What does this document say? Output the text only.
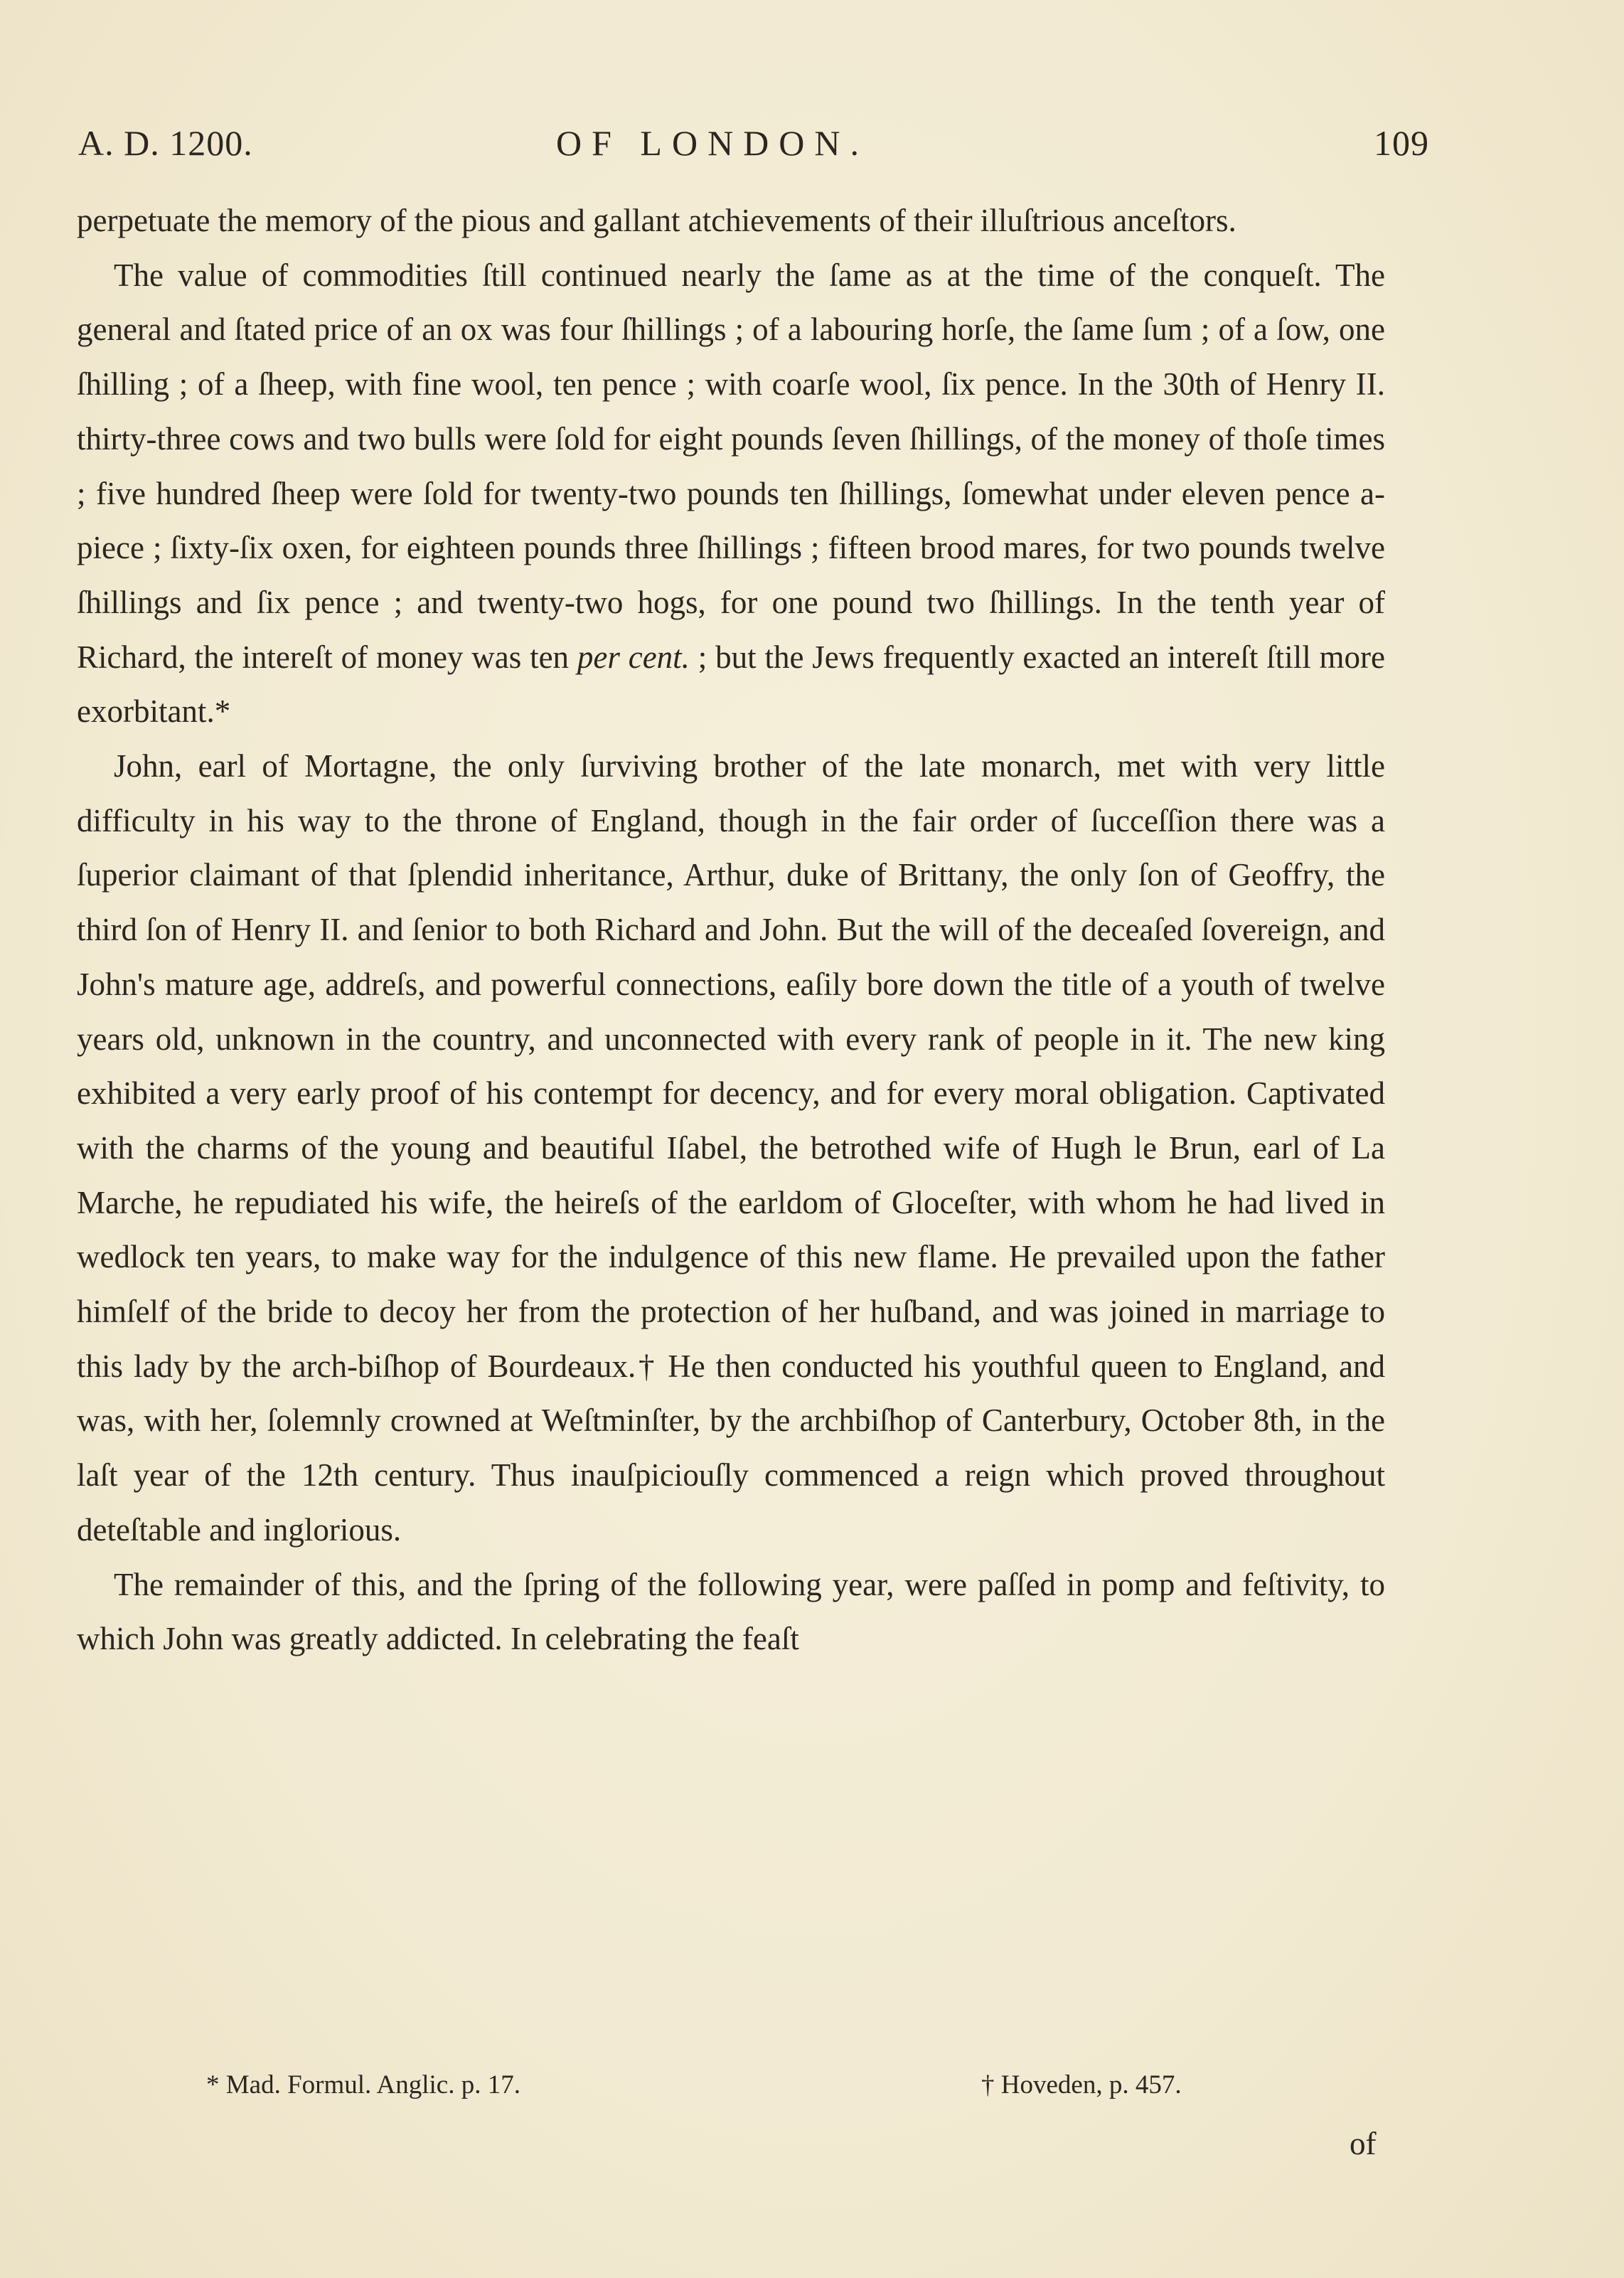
A. D. 1200.	OF LONDON.	109

perpetuate the memory of the pious and gallant atchievements of their illuſtrious anceſtors.

The value of commodities ſtill continued nearly the ſame as at the time of the conqueſt. The general and ſtated price of an ox was four ſhillings ; of a labouring horſe, the ſame ſum ; of a ſow, one ſhilling ; of a ſheep, with fine wool, ten pence ; with coarſe wool, ſix pence. In the 30th of Henry II. thirty-three cows and two bulls were ſold for eight pounds ſeven ſhillings, of the money of thoſe times ; five hundred ſheep were ſold for twenty-two pounds ten ſhillings, ſomewhat under eleven pence a-piece ; ſixty-ſix oxen, for eighteen pounds three ſhillings ; fifteen brood mares, for two pounds twelve ſhillings and ſix pence ; and twenty-two hogs, for one pound two ſhillings. In the tenth year of Richard, the intereſt of money was ten per cent. ; but the Jews frequently exacted an intereſt ſtill more exorbitant.*

John, earl of Mortagne, the only ſurviving brother of the late monarch, met with very little difficulty in his way to the throne of England, though in the fair order of ſucceſſion there was a ſuperior claimant of that ſplendid inheritance, Arthur, duke of Brittany, the only ſon of Geoffry, the third ſon of Henry II. and ſenior to both Richard and John. But the will of the deceaſed ſovereign, and John's mature age, addreſs, and powerful connections, eaſily bore down the title of a youth of twelve years old, unknown in the country, and unconnected with every rank of people in it. The new king exhibited a very early proof of his contempt for decency, and for every moral obligation. Captivated with the charms of the young and beautiful Iſabel, the betrothed wife of Hugh le Brun, earl of La Marche, he repudiated his wife, the heireſs of the earldom of Gloceſter, with whom he had lived in wedlock ten years, to make way for the indulgence of this new flame. He prevailed upon the father himſelf of the bride to decoy her from the protection of her huſband, and was joined in marriage to this lady by the arch-biſhop of Bourdeaux.† He then conducted his youthful queen to England, and was, with her, ſolemnly crowned at Weſtminſter, by the archbiſhop of Canterbury, October 8th, in the laſt year of the 12th century. Thus inauſpiciouſly commenced a reign which proved throughout deteſtable and inglorious.

The remainder of this, and the ſpring of the following year, were paſſed in pomp and feſtivity, to which John was greatly addicted. In celebrating the feaſt

* Mad. Formul. Anglic. p. 17.	† Hoveden, p. 457.
of
